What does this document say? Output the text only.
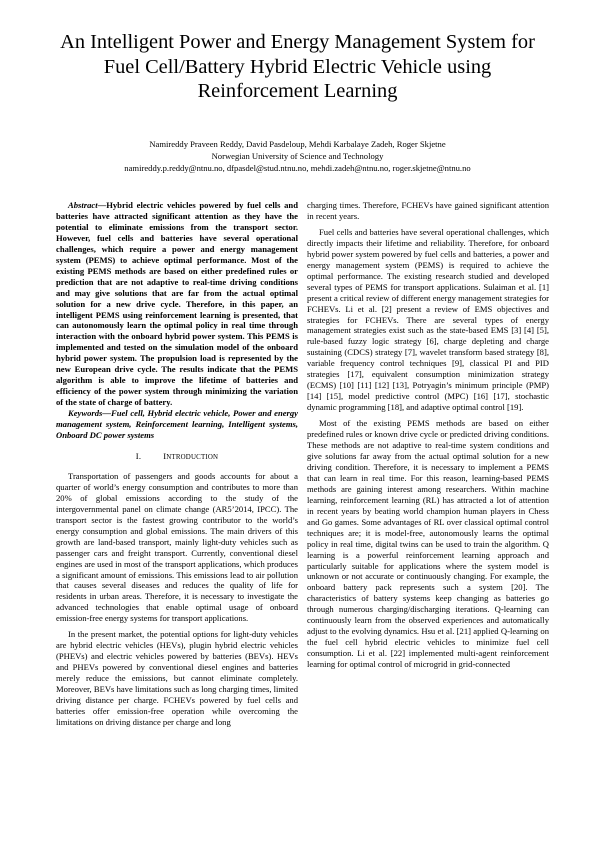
An Intelligent Power and Energy Management System for Fuel Cell/Battery Hybrid Electric Vehicle using Reinforcement Learning
Namireddy Praveen Reddy, David Pasdeloup, Mehdi Karbalaye Zadeh, Roger Skjetne
Norwegian University of Science and Technology
namireddy.p.reddy@ntnu.no, dfpasdel@stud.ntnu.no, mehdi.zadeh@ntnu.no, roger.skjetne@ntnu.no

Abstract—Hybrid electric vehicles powered by fuel cells and batteries have attracted significant attention as they have the potential to eliminate emissions from the transport sector. However, fuel cells and batteries have several operational challenges, which require a power and energy management system (PEMS) to achieve optimal performance. Most of the existing PEMS methods are based on either predefined rules or prediction that are not adaptive to real-time driving conditions and may give solutions that are far from the actual optimal solution for a new drive cycle. Therefore, in this paper, an intelligent PEMS using reinforcement learning is presented, that can autonomously learn the optimal policy in real time through interaction with the onboard hybrid power system. This PEMS is implemented and tested on the simulation model of the onboard hybrid power system. The propulsion load is represented by the new European drive cycle. The results indicate that the PEMS algorithm is able to improve the lifetime of batteries and efficiency of the power system through minimizing the variation of the state of charge of battery.

Keywords—Fuel cell, Hybrid electric vehicle, Power and energy management system, Reinforcement learning, Intelligent systems, Onboard DC power systems

I.	INTRODUCTION

Transportation of passengers and goods accounts for about a quarter of world’s energy consumption and contributes to more than 20% of global emissions according to the study of the intergovernmental panel on climate change (AR5’2014, IPCC). The transport sector is the fastest growing contributor to the world’s energy consumption and global emissions. The main drivers of this growth are land-based transport, mainly light-duty vehicles such as passenger cars and freight transport. Currently, conventional diesel engines are used in most of the transport applications, which produces a significant amount of emissions. This emissions lead to air pollution that causes several diseases and reduces the quality of life for residents in urban areas. Therefore, it is necessary to investigate the advanced technologies that enable optimal usage of onboard emission-free energy systems for transport applications.

In the present market, the potential options for light-duty vehicles are hybrid electric vehicles (HEVs), plugin hybrid electric vehicles (PHEVs) and electric vehicles powered by batteries (BEVs). HEVs and PHEVs powered by conventional diesel engines and batteries merely reduce the emissions, but cannot eliminate completely. Moreover, BEVs have limitations such as long charging times, limited driving distance per charge. FCHEVs powered by fuel cells and batteries offer emission-free operation while overcoming the limitations on driving distance per charge and long

charging times. Therefore, FCHEVs have gained significant attention in recent years.

Fuel cells and batteries have several operational challenges, which directly impacts their lifetime and reliability. Therefore, for onboard hybrid power system powered by fuel cells and batteries, a power and energy management system (PEMS) is required to achieve the optimal performance. The existing research studied and developed several types of PEMS for transport applications. Sulaiman et al. [1] present a critical review of different energy management strategies for FCHEVs. Li et al. [2] present a review of EMS objectives and strategies for FCHEVs. There are several types of energy management strategies exist such as the state-based EMS [3] [4] [5], rule-based fuzzy logic strategy [6], charge depleting and charge sustaining (CDCS) strategy [7], wavelet transform based strategy [8], variable frequency control techniques [9], classical PI and PID strategies [17], equivalent consumption minimization strategy (ECMS) [10] [11] [12] [13], Potryagin’s minimum principle (PMP) [14] [15], model predictive control (MPC) [16] [17], stochastic dynamic programming [18], and adaptive optimal control [19].

Most of the existing PEMS methods are based on either predefined rules or known drive cycle or predicted driving conditions. These methods are not adaptive to real-time system conditions and give solutions far away from the actual optimal solution for a new driving condition. Therefore, it is necessary to implement a PEMS that can learn in real time. For this reason, learning-based PEMS methods are gaining interest among researchers. Within machine learning, reinforcement learning (RL) has attracted a lot of attention in recent years by beating world champion human players in Chess and Go games. Some advantages of RL over classical optimal control techniques are; it is model-free, autonomously learns the optimal policy in real time, digital twins can be used to train the algorithm. Q learning is a powerful reinforcement learning approach and particularly suitable for applications where the system model is unknown or not accurate or continuously changing. For example, the onboard battery pack represents such a system [20]. The characteristics of battery systems keep changing as batteries go through numerous charging/discharging iterations. Q-learning can continuously learn from the observed experiences and automatically adjust to the evolving dynamics. Hsu et al. [21] applied Q-learning on the fuel cell hybrid electric vehicles to minimize fuel cell consumption. Li et al. [22] implemented multi-agent reinforcement learning for optimal control of microgrid in grid-connected
